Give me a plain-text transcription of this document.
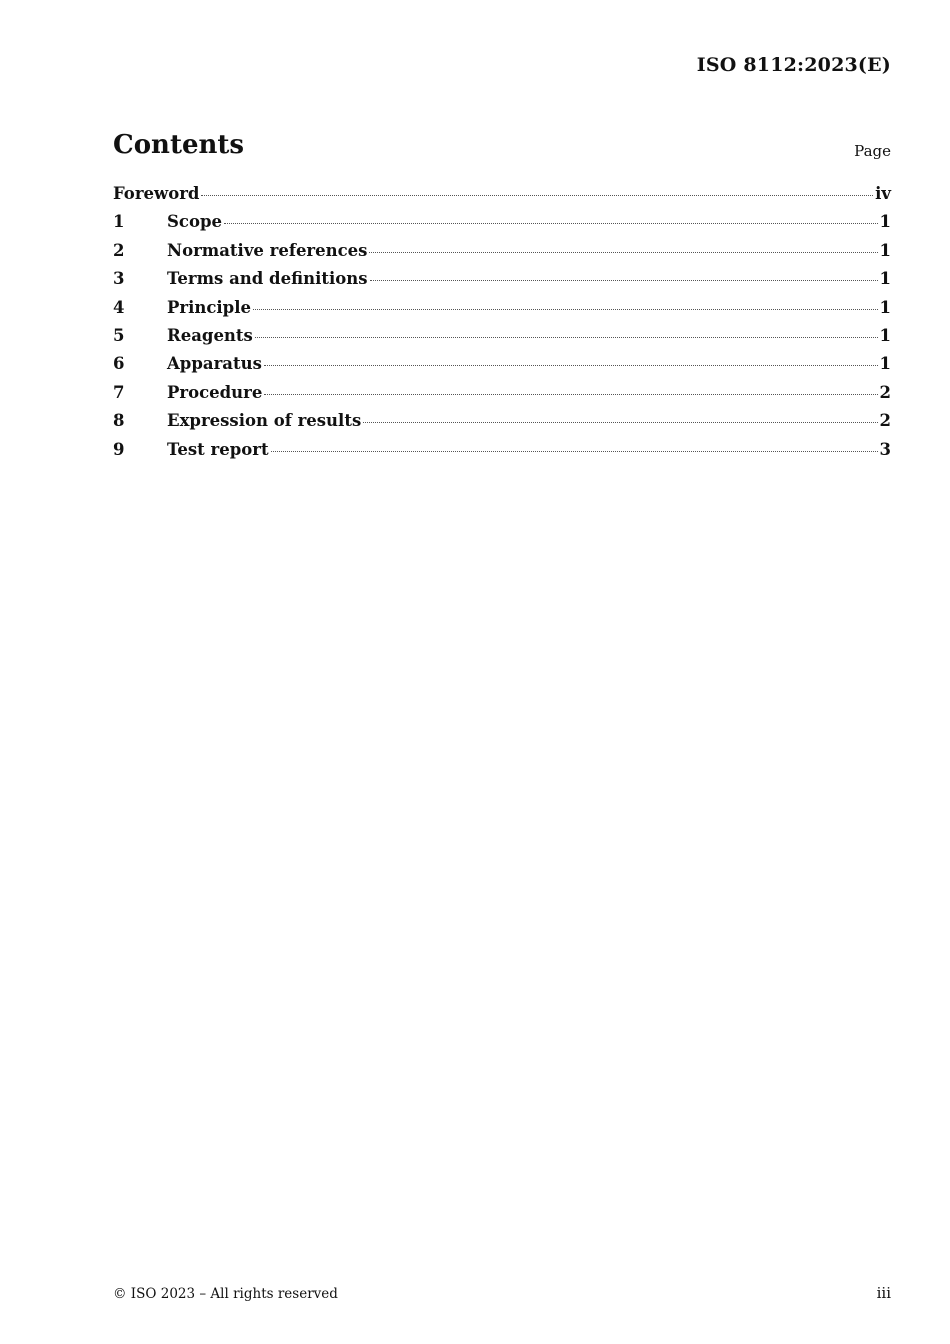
ISO 8112:2023(E)
Contents	Page
Foreword	iv
1	Scope	1
2	Normative references	1
3	Terms and definitions	1
4	Principle	1
5	Reagents	1
6	Apparatus	1
7	Procedure	2
8	Expression of results	2
9	Test report	3
© ISO 2023 – All rights reserved	iii
